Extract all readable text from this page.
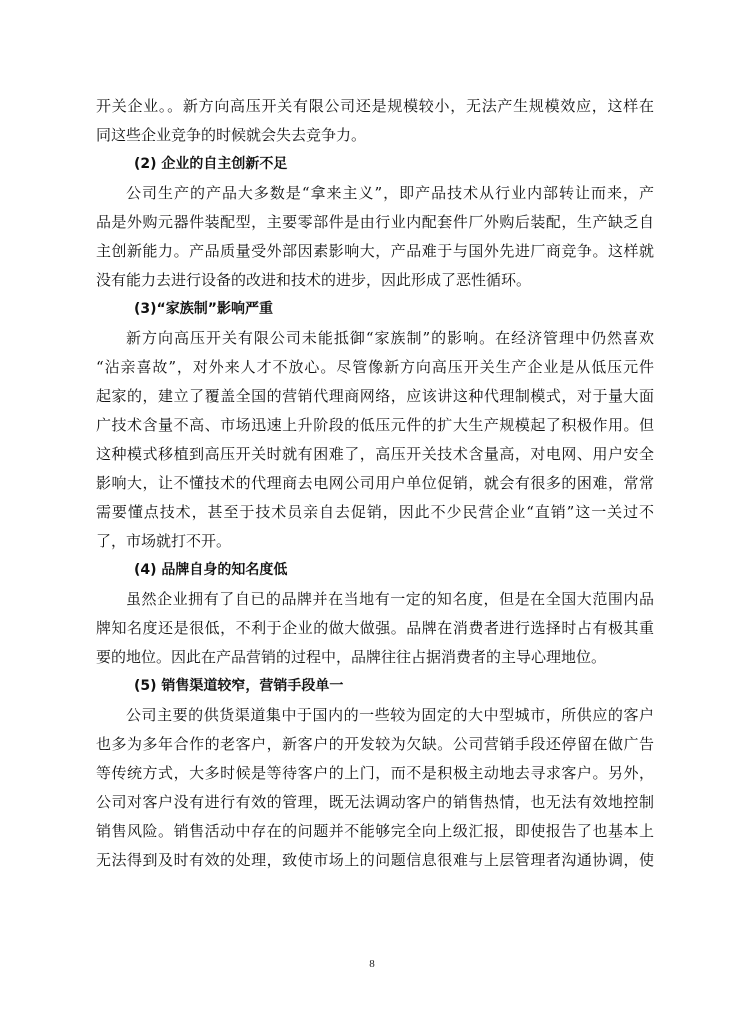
开关企业。。新方向高压开关有限公司还是规模较小，无法产生规模效应，这样在
同这些企业竞争的时候就会失去竞争力。
(2) 企业的自主创新不足
公司生产的产品大多数是“拿来主义”，即产品技术从行业内部转让而来，产
品是外购元器件装配型，主要零部件是由行业内配套件厂外购后装配，生产缺乏自
主创新能力。产品质量受外部因素影响大，产品难于与国外先进厂商竞争。这样就
没有能力去进行设备的改进和技术的进步，因此形成了恶性循环。
(3)“家族制”影响严重
新方向高压开关有限公司未能抵御“家族制”的影响。在经济管理中仍然喜欢
“沾亲喜故”，对外来人才不放心。尽管像新方向高压开关生产企业是从低压元件
起家的，建立了覆盖全国的营销代理商网络，应该讲这种代理制模式，对于量大面
广技术含量不高、市场迅速上升阶段的低压元件的扩大生产规模起了积极作用。但
这种模式移植到高压开关时就有困难了，高压开关技术含量高，对电网、用户安全
影响大，让不懂技术的代理商去电网公司用户单位促销，就会有很多的困难，常常
需要懂点技术，甚至于技术员亲自去促销，因此不少民营企业“直销”这一关过不
了，市场就打不开。
(4) 品牌自身的知名度低
虽然企业拥有了自已的品牌并在当地有一定的知名度，但是在全国大范围内品
牌知名度还是很低，不利于企业的做大做强。品牌在消费者进行选择时占有极其重
要的地位。因此在产品营销的过程中，品牌往往占据消费者的主导心理地位。
(5) 销售渠道较窄，营销手段单一
公司主要的供货渠道集中于国内的一些较为固定的大中型城市，所供应的客户
也多为多年合作的老客户，新客户的开发较为欠缺。公司营销手段还停留在做广告
等传统方式，大多时候是等待客户的上门，而不是积极主动地去寻求客户。另外，
公司对客户没有进行有效的管理，既无法调动客户的销售热情，也无法有效地控制
销售风险。销售活动中存在的问题并不能够完全向上级汇报，即使报告了也基本上
无法得到及时有效的处理，致使市场上的问题信息很难与上层管理者沟通协调，使
8
